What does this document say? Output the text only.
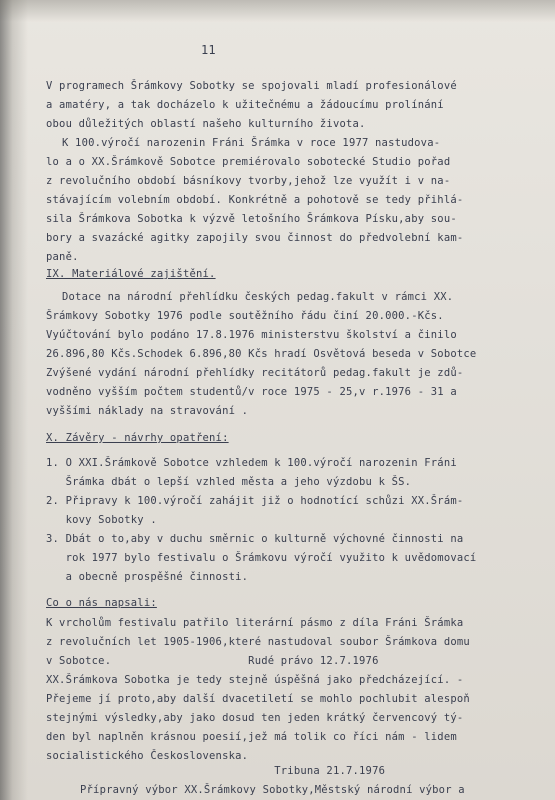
11
V programech Šrámkovy Sobotky se spojovali mladí profesionálové
a amatéry, a tak docházelo k užitečnému a žádoucímu prolínání
obou důležitých oblastí našeho kulturního života.
K 100.výročí narozenin Fráni Šrámka v roce 1977 nastudova-
lo a o XX.Šrámkově Sobotce premiérovalo sobotecké Studio pořad
z revolučního období básníkovy tvorby,jehož lze využít i v na-
stávajícím volebním období. Konkrétně a pohotově se tedy přihlá-
sila Šrámkova Sobotka k výzvě letošního Šrámkova Písku,aby sou-
bory a svazácké agitky zapojily svou činnost do předvolební kam-
paně.
IX. Materiálové zajištění.
Dotace na národní přehlídku českých pedag.fakult v rámci XX.
Šrámkovy Sobotky 1976 podle soutěžního řádu činí 20.000.-Kčs.
Vyúčtování bylo podáno 17.8.1976 ministerstvu školství a činilo
26.896,80 Kčs.Schodek 6.896,80 Kčs hradí Osvětová beseda v Sobotce
Zvýšené vydání národní přehlídky recitátorů pedag.fakult je zdů-
vodněno vyšším počtem studentů/v roce 1975 - 25,v r.1976 - 31 a
vyššími náklady na stravování .
X. Závěry - návrhy opatření:
1. O XXI.Šrámkově Sobotce vzhledem k 100.výročí narozenin Fráni
Šrámka dbát o lepší vzhled města a jeho výzdobu k ŠS.
2. Připravy k 100.výročí zahájit již o hodnotící schůzi XX.Šrám-
kovy Sobotky .
3. Dbát o to,aby v duchu směrnic o kulturně výchovné činnosti na
rok 1977 bylo festivalu o Šrámkovu výročí využito k uvědomovací
a obecně prospěšné činnosti.
Co o nás napsali:
K vrcholům festivalu patřilo literární pásmo z díla Fráni Šrámka
z revolučních let 1905-1906,které nastudoval soubor Šrámkova domu
v Sobotce.                     Rudé právo 12.7.1976
XX.Šrámkova Sobotka je tedy stejně úspěšná jako předcházející. -
Přejeme jí proto,aby další dvacetiletí se mohlo pochlubit alespoň
stejnými výsledky,aby jako dosud ten jeden krátký červencový tý-
den byl naplněn krásnou poesií,jež má tolik co říci nám - lidem
socialistického Československa.
Tribuna 21.7.1976
Přípravný výbor XX.Šrámkovy Sobotky,Městský národní výbor a
